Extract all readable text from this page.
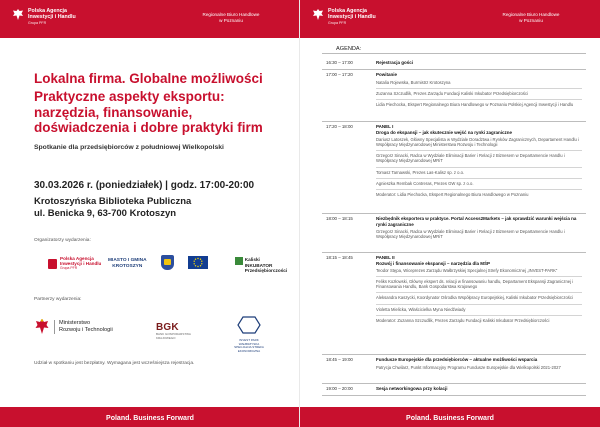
Polska Agencja
Inwestycji i Handlu
Grupa PFR
Regionalne Biuro Handlowe
w Poznaniu
Lokalna firma. Globalne możliwości
Praktyczne aspekty eksportu: narzędzia, finansowanie, doświadczenia i dobre praktyki firm
Spotkanie dla przedsiębiorców z południowej Wielkopolski
30.03.2026 r. (poniedziałek) | godz. 17:00-20:00
Krotoszyńska Biblioteka Publiczna
ul. Benicka 9, 63-700 Krotoszyn
Organizatorzy wydarzenia:
Polska Agencja
Inwestycji i Handlu
Grupa PFR
MIASTO I GMINA
KROTOSZYN
Kaliski INKUBATOR
Przedsiębiorczości
Partnerzy wydarzenia:
Ministerstwo
Rozwoju i Technologii	BGK
BANK GOSPODARSTWA KRAJOWEGO
INVEST PARK
WAŁBRZYSKA SPECJALNA STREFA EKONOMICZNA
Udział w spotkaniu jest bezpłatny. Wymagana jest wcześniejsza rejestracja.
Poland. Business Forward
Polska Agencja
Inwestycji i Handlu
Grupa PFR
Regionalne Biuro Handlowe
w Poznaniu
Poland. Business Forward
AGENDA:
16:30 – 17:00	Rejestracja gości
17:00 – 17:20	Powitanie
Natalia Rojewska, Burmistrz Krotoszyna
Zuzanna Szczudlik, Prezes Zarządu Fundacji Kaliski Inkubator Przedsiębiorczości
Lidia Piechocka, Ekspert Regionalnego Biura Handlowego w Poznaniu Polskiej Agencji Inwestycji i Handlu
17:20 – 18:00	PANEL I
Droga do ekspansji – jak skutecznie wejść na rynki zagraniczne
Dariusz Latoszek, Główny Specjalista w Wydziale Doradztwa i Rynków Zagranicznych, Departament Handlu i Współpracy Międzynarodowej Ministerstwa Rozwoju i Technologii
Grzegorz Sinacki, Radca w Wydziale Eliminacji Barier i Relacji z Biznesem w Departamencie Handlu i Współpracy Międzynarodowej MRiT
Tomasz Tarnawski, Prezes Las-Kalisz sp. z o.o.
Agnieszka Rembak Contreras, Prezes GW sp. z o.o.
Moderator: Lidia Piechocka, Ekspert Regionalnego Biura Handlowego w Poznaniu
18:00 – 18:15	Niezbędnik eksportera w praktyce. Portal Access2Markets – jak sprawdzić warunki wejścia na rynki zagraniczne
Grzegorz Sinacki, Radca w Wydziale Eliminacji Barier i Relacji z Biznesem w Departamencie Handlu i Współpracy Międzynarodowej MRiT
18:15 – 18:45	PANEL II
Rozwój i finansowanie ekspansji – narzędzia dla MŚP
Teodor Stępa, Wiceprezes Zarządu Wałbrzyskiej Specjalnej Strefy Ekonomicznej „INVEST-PARK”
Feliks Kozłowski, Główny ekspert ds. relacji w finansowaniu handlu, Departament Ekspansji Zagranicznej i Finansowania Handlu, Bank Gospodarstwa Krajowego
Aleksandra Kaszycki, Koordynator Ośrodka Współpracy Europejskiej, Kaliski Inkubator Przedsiębiorczości
Violetta Mielicka, Właścicielka Myna Niedźwiady
Moderator: Zuzanna Szczudlik, Prezes Zarządu Fundacji Kaliski Inkubator Przedsiębiorczości
18:45 – 19:00	Fundusze Europejskie dla przedsiębiorców – aktualne możliwości wsparcia
Patrycja Chwilarz, Punkt Informacyjny Programu Fundusze Europejskie dla Wielkopolski 2021-2027
19:00 – 20:00	Sesja networkingowa przy kolacji
